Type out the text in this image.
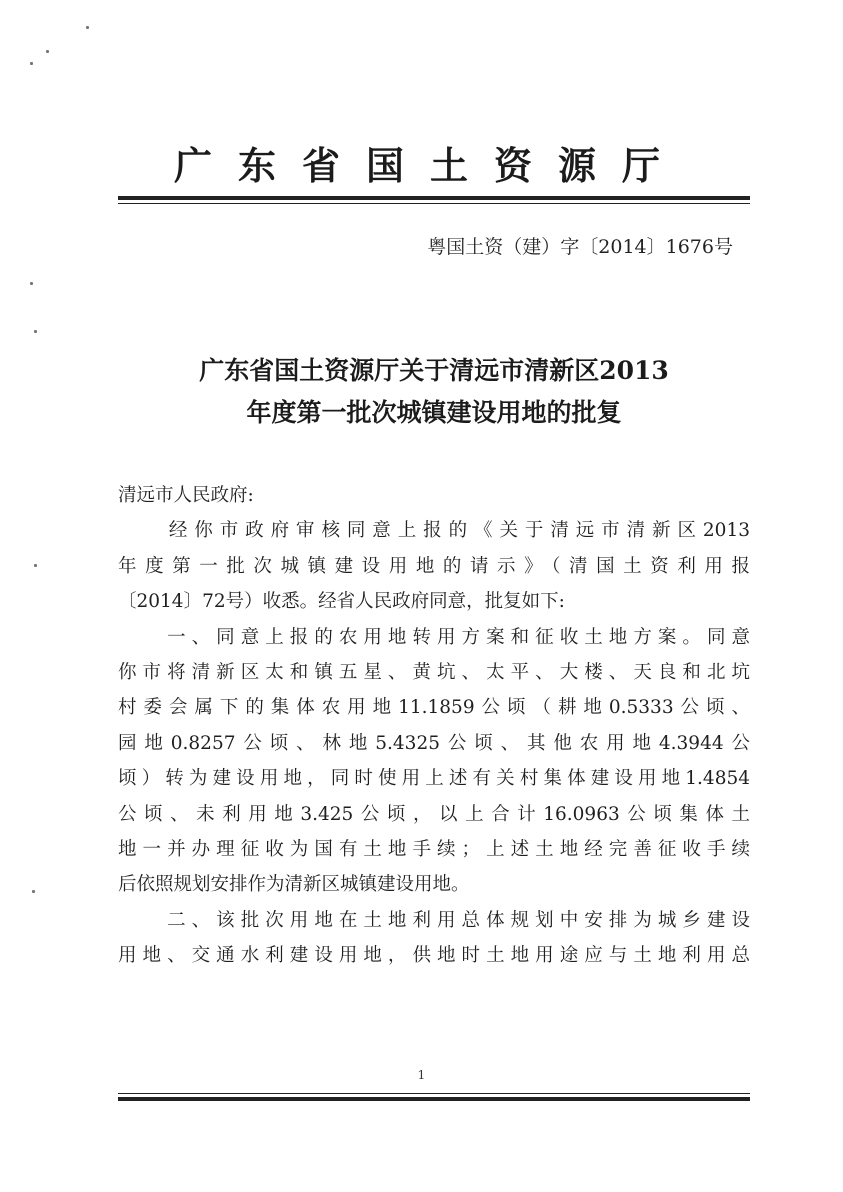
广东省国土资源厅
粤国土资（建）字〔2014〕1676号
广东省国土资源厅关于清远市清新区2013
年度第一批次城镇建设用地的批复
清远市人民政府:
　　经你市政府审核同意上报的《关于清远市清新区2013
年度第一批次城镇建设用地的请示》（清国土资利用报
〔2014〕72号）收悉。经省人民政府同意，批复如下:
　　一、同意上报的农用地转用方案和征收土地方案。同意
你市将清新区太和镇五星、黄坑、太平、大楼、天良和北坑
村委会属下的集体农用地11.1859公顷（耕地0.5333公顷、
园地0.8257公顷、林地5.4325公顷、其他农用地4.3944公
顷）转为建设用地，同时使用上述有关村集体建设用地1.4854
公顷、未利用地3.425公顷，以上合计16.0963公顷集体土
地一并办理征收为国有土地手续；上述土地经完善征收手续
后依照规划安排作为清新区城镇建设用地。
　　二、该批次用地在土地利用总体规划中安排为城乡建设
用地、交通水利建设用地，供地时土地用途应与土地利用总
1
